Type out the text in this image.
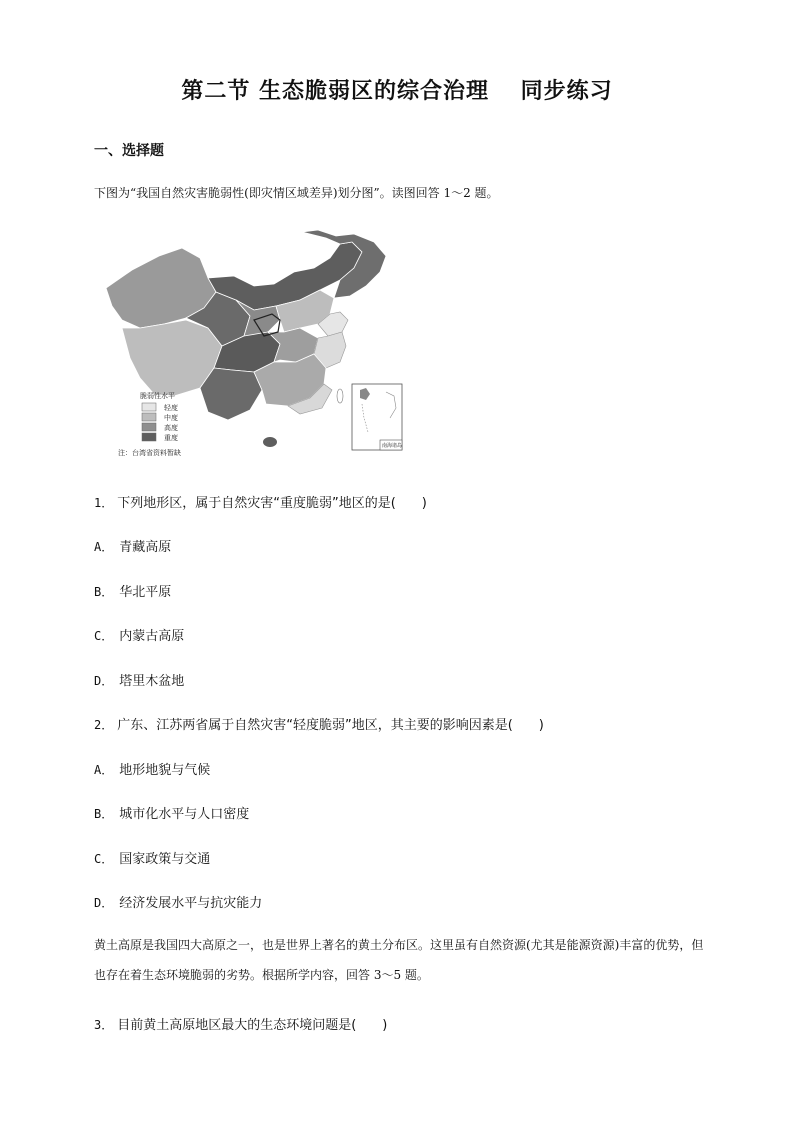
第二节 生态脆弱区的综合治理　 同步练习
一、选择题
下图为“我国自然灾害脆弱性(即灾情区域差异)划分图”。读图回答 1～2 题。
脆弱性水平
轻度
中度
高度
重度
注：台湾省资料暂缺
南海诸岛
1． 下列地形区，属于自然灾害“重度脆弱”地区的是(　　)
A． 青藏高原
B． 华北平原
C． 内蒙古高原
D． 塔里木盆地
2． 广东、江苏两省属于自然灾害“轻度脆弱”地区，其主要的影响因素是(　　)
A． 地形地貌与气候
B． 城市化水平与人口密度
C． 国家政策与交通
D． 经济发展水平与抗灾能力
黄土高原是我国四大高原之一，也是世界上著名的黄土分布区。这里虽有自然资源(尤其是能源资源)丰富的优势，但也存在着生态环境脆弱的劣势。根据所学内容，回答 3～5 题。
3． 目前黄土高原地区最大的生态环境问题是(　　)
